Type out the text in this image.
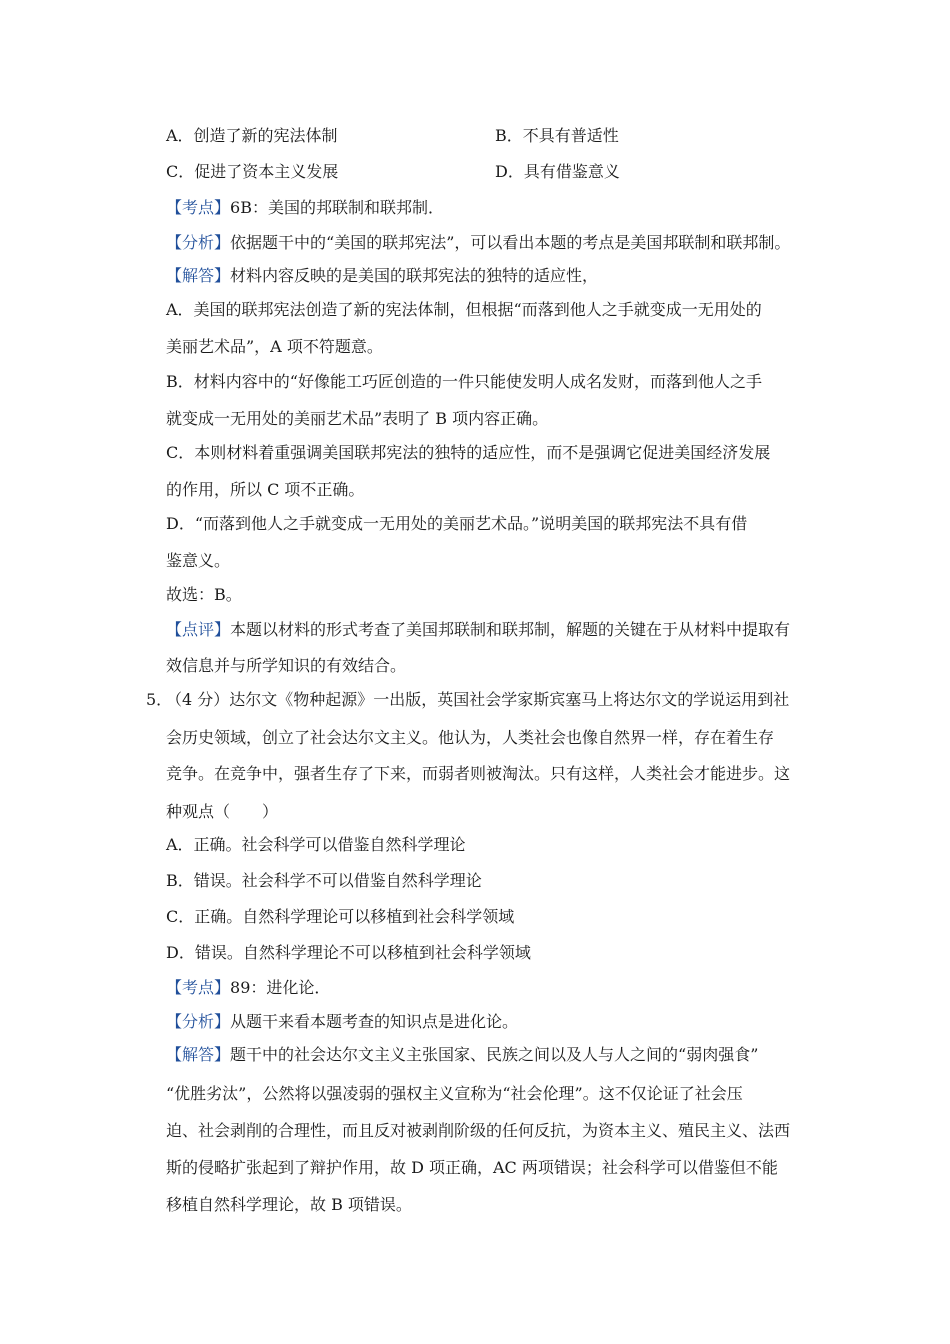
A．创造了新的宪法体制	B．不具有普适性
C．促进了资本主义发展	D．具有借鉴意义
【考点】6B：美国的邦联制和联邦制．
【分析】依据题干中的“美国的联邦宪法”，可以看出本题的考点是美国邦联制和联邦制。
【解答】材料内容反映的是美国的联邦宪法的独特的适应性，
A．美国的联邦宪法创造了新的宪法体制，但根据“而落到他人之手就变成一无用处的
美丽艺术品”，A 项不符题意。
B．材料内容中的“好像能工巧匠创造的一件只能使发明人成名发财，而落到他人之手
就变成一无用处的美丽艺术品”表明了 B 项内容正确。
C．本则材料着重强调美国联邦宪法的独特的适应性，而不是强调它促进美国经济发展
的作用，所以 C 项不正确。
D．“而落到他人之手就变成一无用处的美丽艺术品。”说明美国的联邦宪法不具有借
鉴意义。
故选：B。
【点评】本题以材料的形式考查了美国邦联制和联邦制，解题的关键在于从材料中提取有
效信息并与所学知识的有效结合。
5．
（4 分）达尔文《物种起源》一出版，英国社会学家斯宾塞马上将达尔文的学说运用到社
会历史领域，创立了社会达尔文主义。他认为，人类社会也像自然界一样，存在着生存
竞争。在竞争中，强者生存了下来，而弱者则被淘汰。只有这样，人类社会才能进步。这
种观点（　　）
A．正确。社会科学可以借鉴自然科学理论
B．错误。社会科学不可以借鉴自然科学理论
C．正确。自然科学理论可以移植到社会科学领域
D．错误。自然科学理论不可以移植到社会科学领域
【考点】89：进化论．
【分析】从题干来看本题考查的知识点是进化论。
【解答】题干中的社会达尔文主义主张国家、民族之间以及人与人之间的“弱肉强食”
“优胜劣汰”，公然将以强凌弱的强权主义宣称为“社会伦理”。这不仅论证了社会压
迫、社会剥削的合理性，而且反对被剥削阶级的任何反抗，为资本主义、殖民主义、法西
斯的侵略扩张起到了辩护作用，故 D 项正确，AC 两项错误；社会科学可以借鉴但不能
移植自然科学理论，故 B 项错误。
